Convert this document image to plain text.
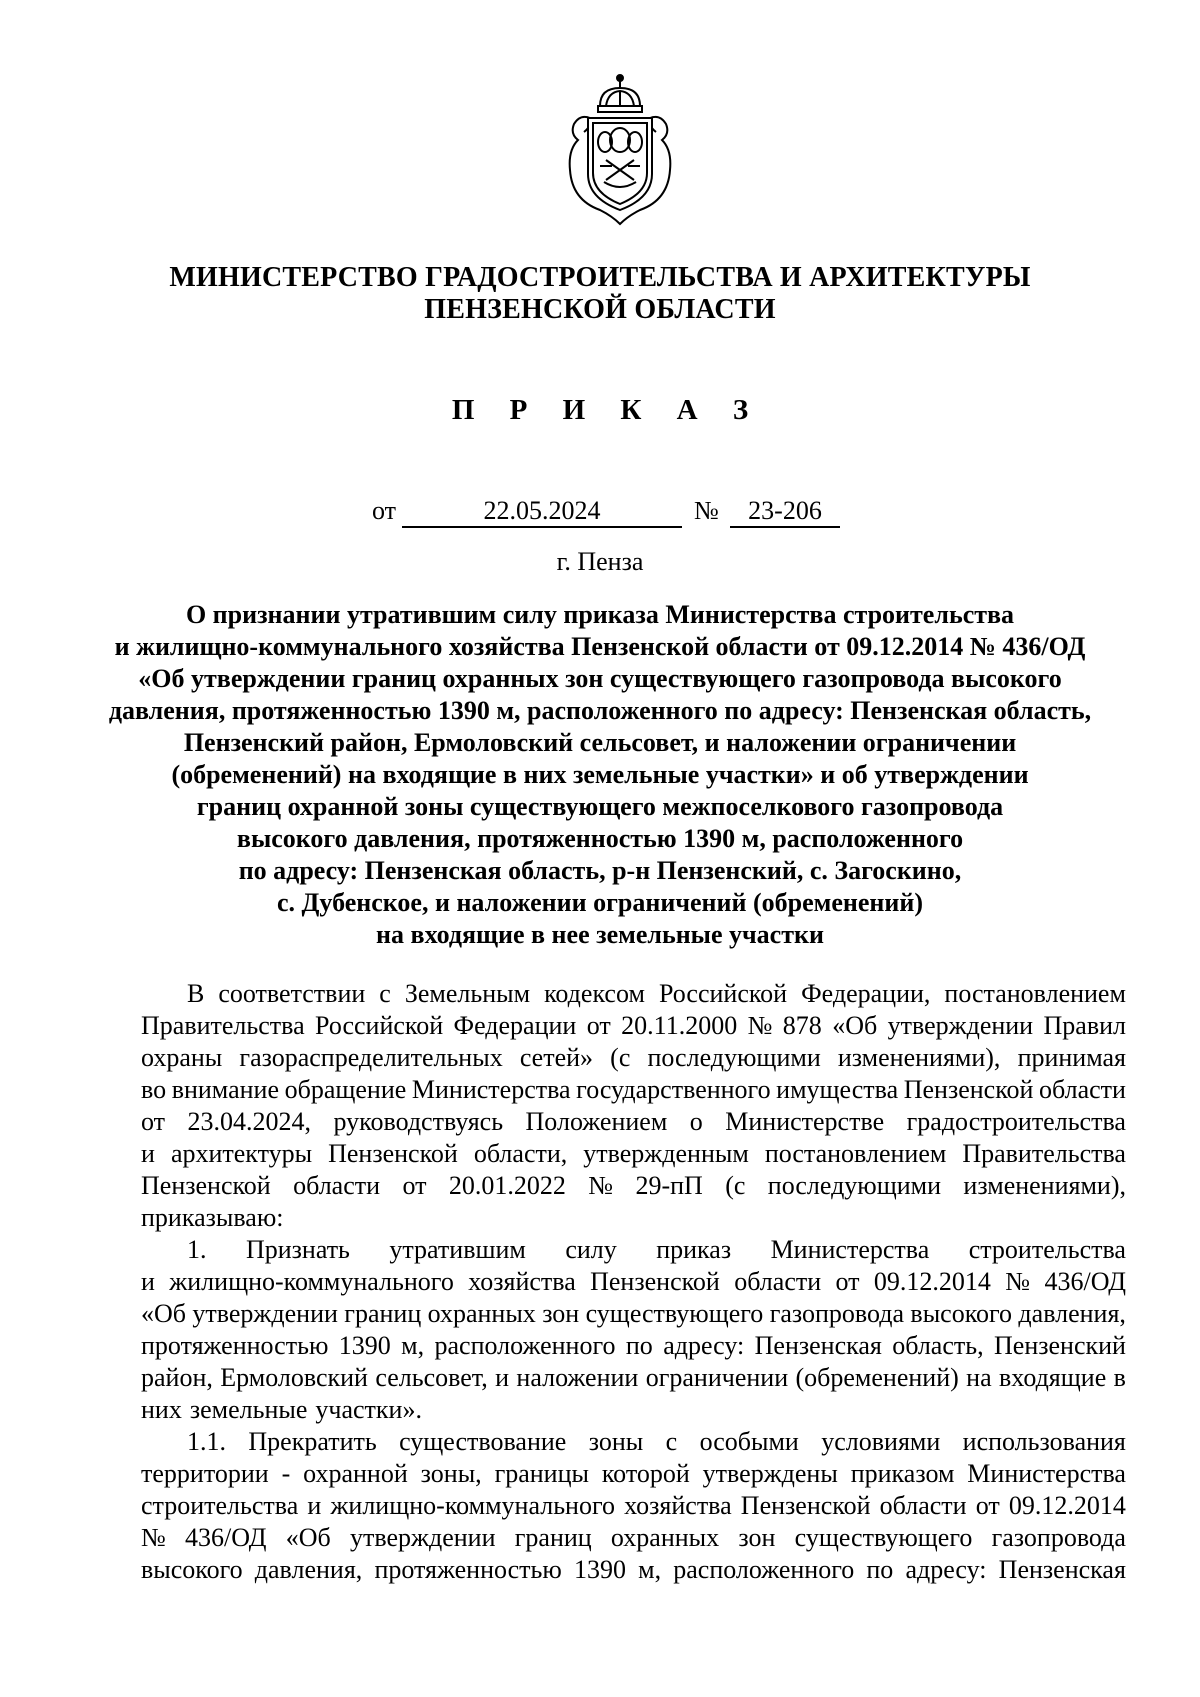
МИНИСТЕРСТВО ГРАДОСТРОИТЕЛЬСТВА И АРХИТЕКТУРЫ
ПЕНЗЕНСКОЙ ОБЛАСТИ
П Р И К А З
от	22.05.2024	№	23-206
г. Пенза
О признании утратившим силу приказа Министерства строительства
и жилищно-коммунального хозяйства Пензенской области от 09.12.2014 № 436/ОД
«Об утверждении границ охранных зон существующего газопровода высокого
давления, протяженностью 1390 м, расположенного по адресу: Пензенская область,
Пензенский район, Ермоловский сельсовет, и наложении ограничении
(обременений) на входящие в них земельные участки» и об утверждении
границ охранной зоны существующего межпоселкового газопровода
высокого давления, протяженностью 1390 м, расположенного
по адресу: Пензенская область, р-н Пензенский, с. Загоскино,
с. Дубенское, и наложении ограничений (обременений)
на входящие в нее земельные участки
В соответствии с Земельным кодексом Российской Федерации, постановлением
Правительства Российской Федерации от 20.11.2000 № 878 «Об утверждении Правил
охраны газораспределительных сетей» (с последующими изменениями), принимая
во внимание обращение Министерства государственного имущества Пензенской области
от 23.04.2024, руководствуясь Положением о Министерстве градостроительства
и архитектуры Пензенской области, утвержденным постановлением Правительства
Пензенской области от 20.01.2022 № 29-пП (с последующими изменениями),
приказываю:
1. Признать утратившим силу приказ Министерства строительства
и жилищно-коммунального хозяйства Пензенской области от 09.12.2014 № 436/ОД
«Об утверждении границ охранных зон существующего газопровода высокого давления,
протяженностью 1390 м, расположенного по адресу: Пензенская область, Пензенский
район, Ермоловский сельсовет, и наложении ограничении (обременений) на входящие в
них земельные участки».
1.1. Прекратить существование зоны с особыми условиями использования
территории - охранной зоны, границы которой утверждены приказом Министерства
строительства и жилищно-коммунального хозяйства Пензенской области от 09.12.2014
№ 436/ОД «Об утверждении границ охранных зон существующего газопровода
высокого давления, протяженностью 1390 м, расположенного по адресу: Пензенская
